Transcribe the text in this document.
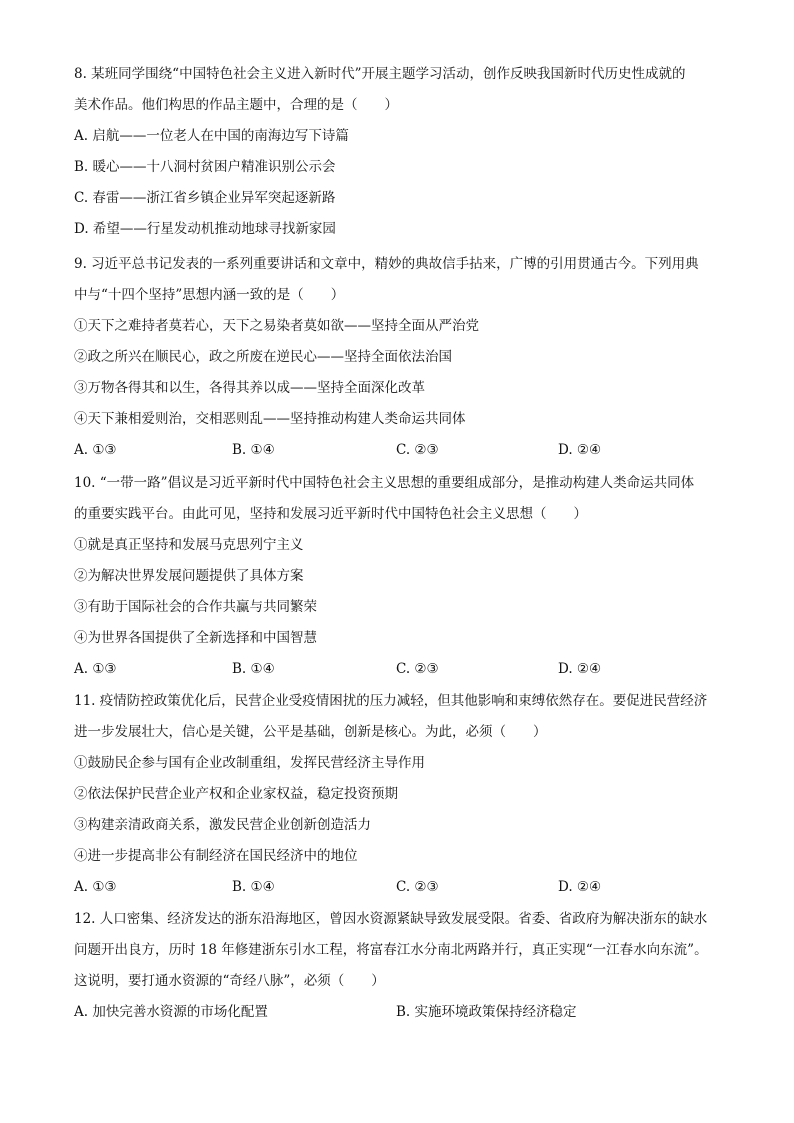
8. 某班同学围绕“中国特色社会主义进入新时代”开展主题学习活动，创作反映我国新时代历史性成就的
美术作品。他们构思的作品主题中，合理的是（　　）
A. 启航——一位老人在中国的南海边写下诗篇
B. 暖心——十八洞村贫困户精准识别公示会
C. 春雷——浙江省乡镇企业异军突起逐新路
D. 希望——行星发动机推动地球寻找新家园
9. 习近平总书记发表的一系列重要讲话和文章中，精妙的典故信手拈来，广博的引用贯通古今。下列用典
中与“十四个坚持”思想内涵一致的是（　　）
①天下之难持者莫若心，天下之易染者莫如欲——坚持全面从严治党
②政之所兴在顺民心，政之所废在逆民心——坚持全面依法治国
③万物各得其和以生，各得其养以成——坚持全面深化改革
④天下兼相爱则治，交相恶则乱——坚持推动构建人类命运共同体
A. ①③	B. ①④	C. ②③	D. ②④
10. “一带一路”倡议是习近平新时代中国特色社会主义思想的重要组成部分，是推动构建人类命运共同体
的重要实践平台。由此可见，坚持和发展习近平新时代中国特色社会主义思想（　　）
①就是真正坚持和发展马克思列宁主义
②为解决世界发展问题提供了具体方案
③有助于国际社会的合作共赢与共同繁荣
④为世界各国提供了全新选择和中国智慧
A. ①③	B. ①④	C. ②③	D. ②④
11. 疫情防控政策优化后，民营企业受疫情困扰的压力减轻，但其他影响和束缚依然存在。要促进民营经济
进一步发展壮大，信心是关键，公平是基础，创新是核心。为此，必须（　　）
①鼓励民企参与国有企业改制重组，发挥民营经济主导作用
②依法保护民营企业产权和企业家权益，稳定投资预期
③构建亲清政商关系，激发民营企业创新创造活力
④进一步提高非公有制经济在国民经济中的地位
A. ①③	B. ①④	C. ②③	D. ②④
12. 人口密集、经济发达的浙东沿海地区，曾因水资源紧缺导致发展受限。省委、省政府为解决浙东的缺水
问题开出良方，历时 18 年修建浙东引水工程，将富春江水分南北两路并行，真正实现“一江春水向东流”。
这说明，要打通水资源的“奇经八脉”，必须（　　）
A. 加快完善水资源的市场化配置	B. 实施环境政策保持经济稳定
